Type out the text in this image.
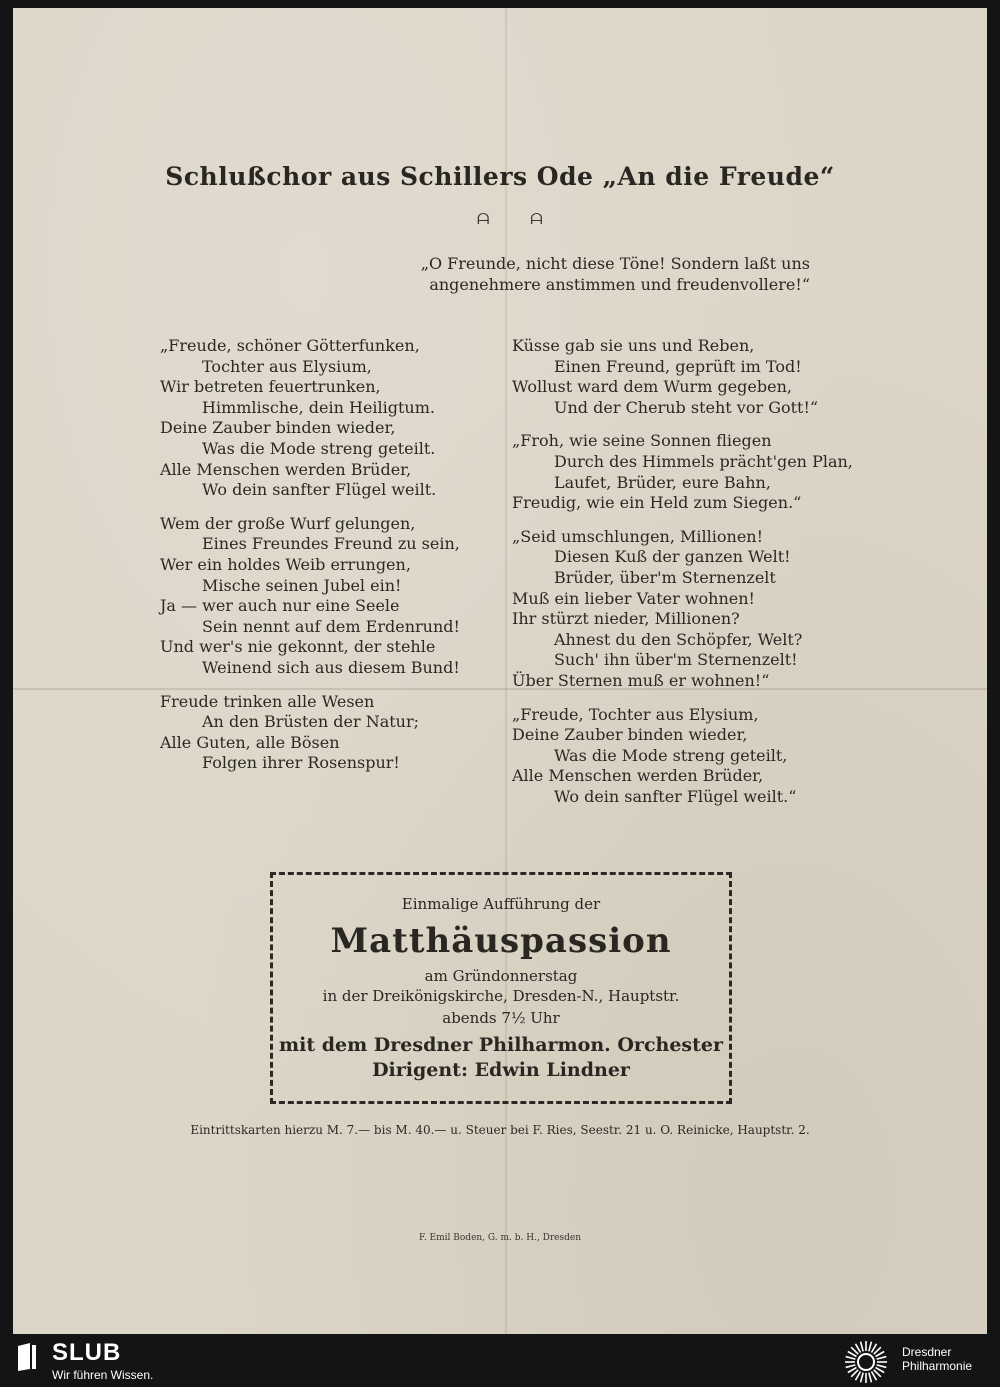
Schlußchor aus Schillers Ode „An die Freude“
ᗩ ᗩ
„O Freunde, nicht diese Töne! Sondern laßt uns
angenehmere anstimmen und freudenvollere!“
„Freude, schöner Götterfunken,
Tochter aus Elysium,
Wir betreten feuertrunken,
Himmlische, dein Heiligtum.
Deine Zauber binden wieder,
Was die Mode streng geteilt.
Alle Menschen werden Brüder,
Wo dein sanfter Flügel weilt.
Wem der große Wurf gelungen,
Eines Freundes Freund zu sein,
Wer ein holdes Weib errungen,
Mische seinen Jubel ein!
Ja — wer auch nur eine Seele
Sein nennt auf dem Erdenrund!
Und wer's nie gekonnt, der stehle
Weinend sich aus diesem Bund!
Freude trinken alle Wesen
An den Brüsten der Natur;
Alle Guten, alle Bösen
Folgen ihrer Rosenspur!
Küsse gab sie uns und Reben,
Einen Freund, geprüft im Tod!
Wollust ward dem Wurm gegeben,
Und der Cherub steht vor Gott!“
„Froh, wie seine Sonnen fliegen
Durch des Himmels prächt'gen Plan,
Laufet, Brüder, eure Bahn,
Freudig, wie ein Held zum Siegen.“
„Seid umschlungen, Millionen!
Diesen Kuß der ganzen Welt!
Brüder, über'm Sternenzelt
Muß ein lieber Vater wohnen!
Ihr stürzt nieder, Millionen?
Ahnest du den Schöpfer, Welt?
Such' ihn über'm Sternenzelt!
Über Sternen muß er wohnen!“
„Freude, Tochter aus Elysium,
Deine Zauber binden wieder,
Was die Mode streng geteilt,
Alle Menschen werden Brüder,
Wo dein sanfter Flügel weilt.“
Einmalige Aufführung der
Matthäuspassion
am Gründonnerstag
in der Dreikönigskirche, Dresden-N., Hauptstr.
abends 7½ Uhr
mit dem Dresdner Philharmon. Orchester
Dirigent: Edwin Lindner
Eintrittskarten hierzu M. 7.— bis M. 40.— u. Steuer bei F. Ries, Seestr. 21 u. O. Reinicke, Hauptstr. 2.
F. Emil Boden, G. m. b. H., Dresden
SLUB
Wir führen Wissen.
Dresdner
Philharmonie
